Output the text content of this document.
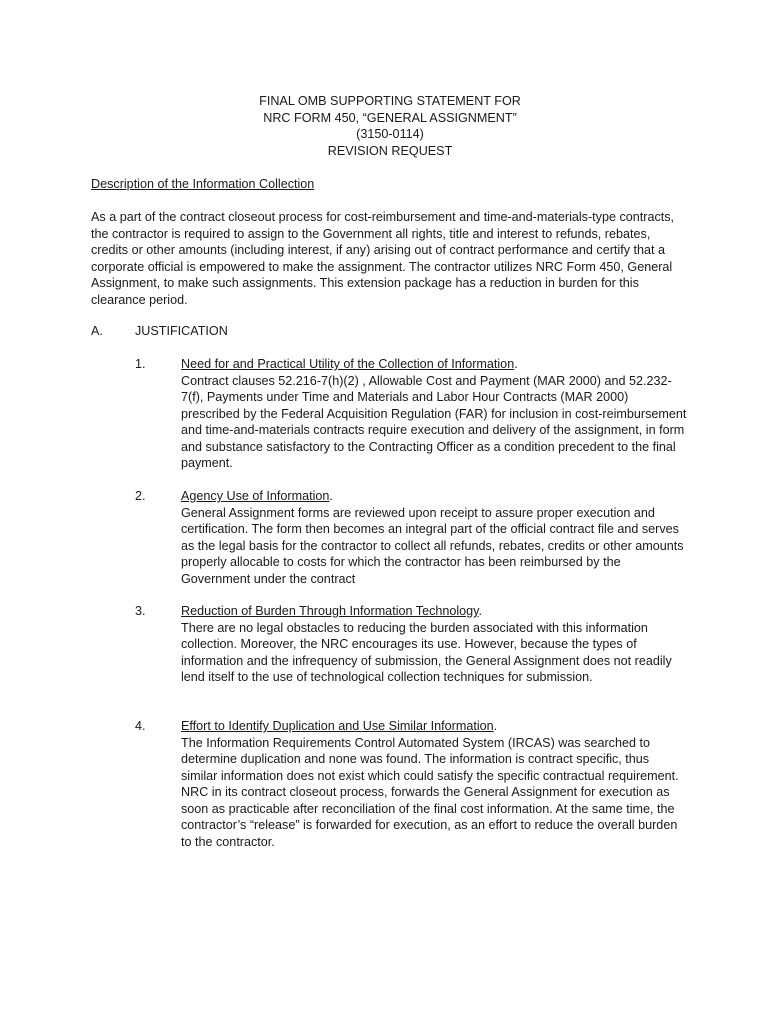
FINAL OMB SUPPORTING STATEMENT FOR
NRC FORM 450, “GENERAL ASSIGNMENT”
(3150-0114)
REVISION REQUEST
Description of the Information Collection

As a part of the contract closeout process for cost-reimbursement and time-and-materials-type contracts, the contractor is required to assign to the Government all rights, title and interest to refunds, rebates, credits or other amounts (including interest, if any) arising out of contract performance and certify that a corporate official is empowered to make the assignment. The contractor utilizes NRC Form 450, General Assignment, to make such assignments. This extension package has a reduction in burden for this clearance period.

A.	JUSTIFICATION
1.	Need for and Practical Utility of the Collection of Information.

Contract clauses 52.216-7(h)(2) , Allowable Cost and Payment (MAR 2000) and 52.232-7(f), Payments under Time and Materials and Labor Hour Contracts (MAR 2000) prescribed by the Federal Acquisition Regulation (FAR) for inclusion in cost-reimbursement and time-and-materials contracts require execution and delivery of the assignment, in form and substance satisfactory to the Contracting Officer as a condition precedent to the final payment.

2.	Agency Use of Information.

General Assignment forms are reviewed upon receipt to assure proper execution and certification. The form then becomes an integral part of the official contract file and serves as the legal basis for the contractor to collect all refunds, rebates, credits or other amounts properly allocable to costs for which the contractor has been reimbursed by the Government under the contract

3.	Reduction of Burden Through Information Technology.

There are no legal obstacles to reducing the burden associated with this information collection. Moreover, the NRC encourages its use. However, because the types of information and the infrequency of submission, the General Assignment does not readily lend itself to the use of technological collection techniques for submission.

4.	Effort to Identify Duplication and Use Similar Information.

The Information Requirements Control Automated System (IRCAS) was searched to determine duplication and none was found. The information is contract specific, thus similar information does not exist which could satisfy the specific contractual requirement. NRC in its contract closeout process, forwards the General Assignment for execution as soon as practicable after reconciliation of the final cost information. At the same time, the contractor’s “release” is forwarded for execution, as an effort to reduce the overall burden to the contractor.
